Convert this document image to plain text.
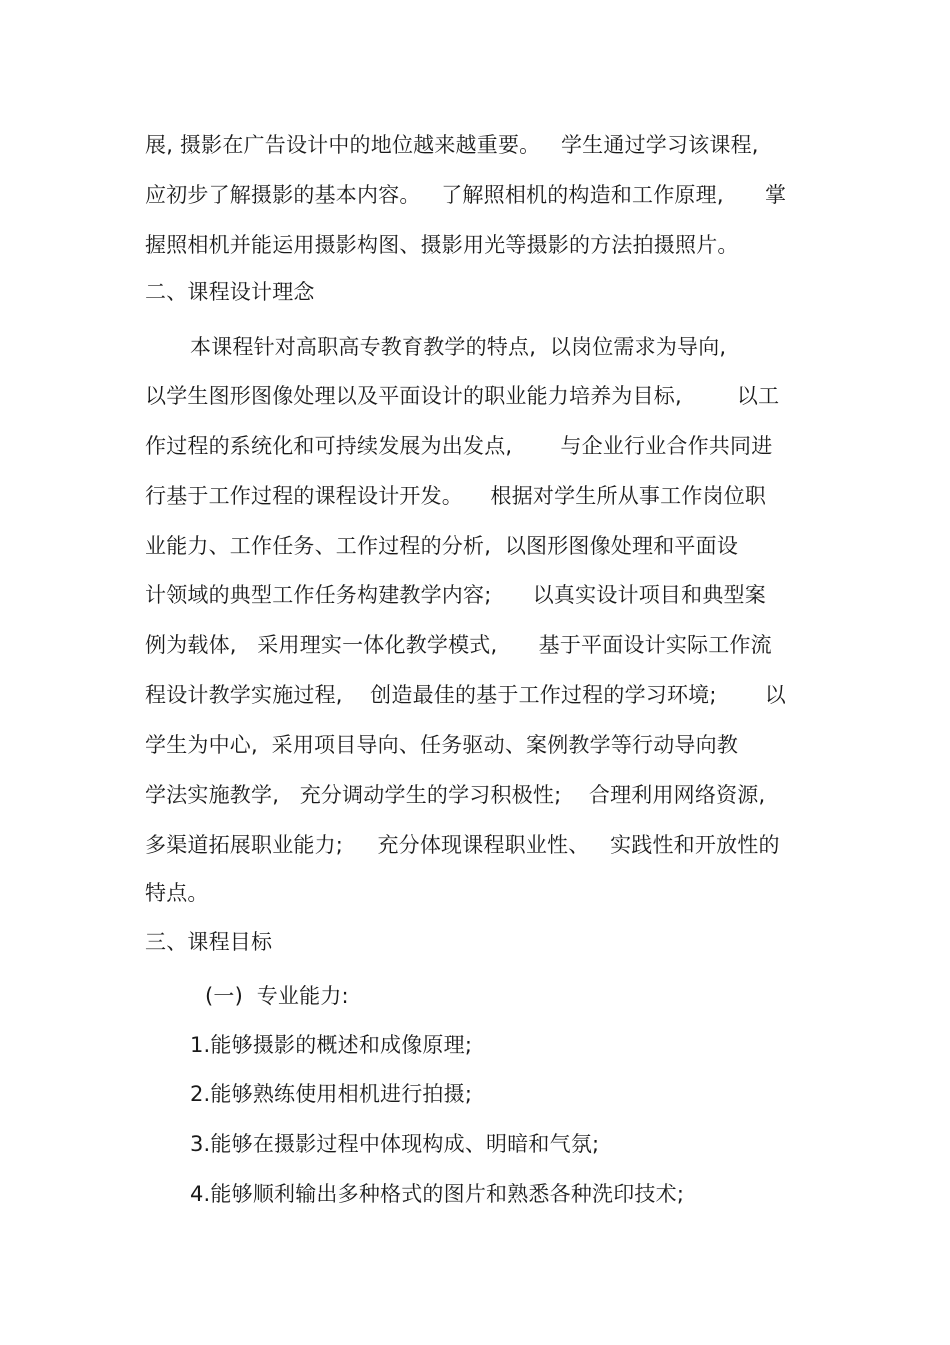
展, 摄影在广告设计中的地位越来越重要。   学生通过学习该课程,
应初步了解摄影的基本内容。   了解照相机的构造和工作原理,      掌
握照相机并能运用摄影构图、摄影用光等摄影的方法拍摄照片。
二、课程设计理念
本课程针对高职高专教育教学的特点,  以岗位需求为导向,
以学生图形图像处理以及平面设计的职业能力培养为目标,        以工
作过程的系统化和可持续发展为出发点,       与企业行业合作共同进
行基于工作过程的课程设计开发。    根据对学生所从事工作岗位职
业能力、工作任务、工作过程的分析,  以图形图像处理和平面设
计领域的典型工作任务构建教学内容;      以真实设计项目和典型案
例为载体,   采用理实一体化教学模式,      基于平面设计实际工作流
程设计教学实施过程,    创造最佳的基于工作过程的学习环境;       以
学生为中心,  采用项目导向、任务驱动、案例教学等行动导向教
学法实施教学,   充分调动学生的学习积极性;    合理利用网络资源,
多渠道拓展职业能力;     充分体现课程职业性、   实践性和开放性的
特点。
三、课程目标
(一)  专业能力:
1.能够摄影的概述和成像原理;
2.能够熟练使用相机进行拍摄;
3.能够在摄影过程中体现构成、明暗和气氛;
4.能够顺利输出多种格式的图片和熟悉各种洗印技术;
